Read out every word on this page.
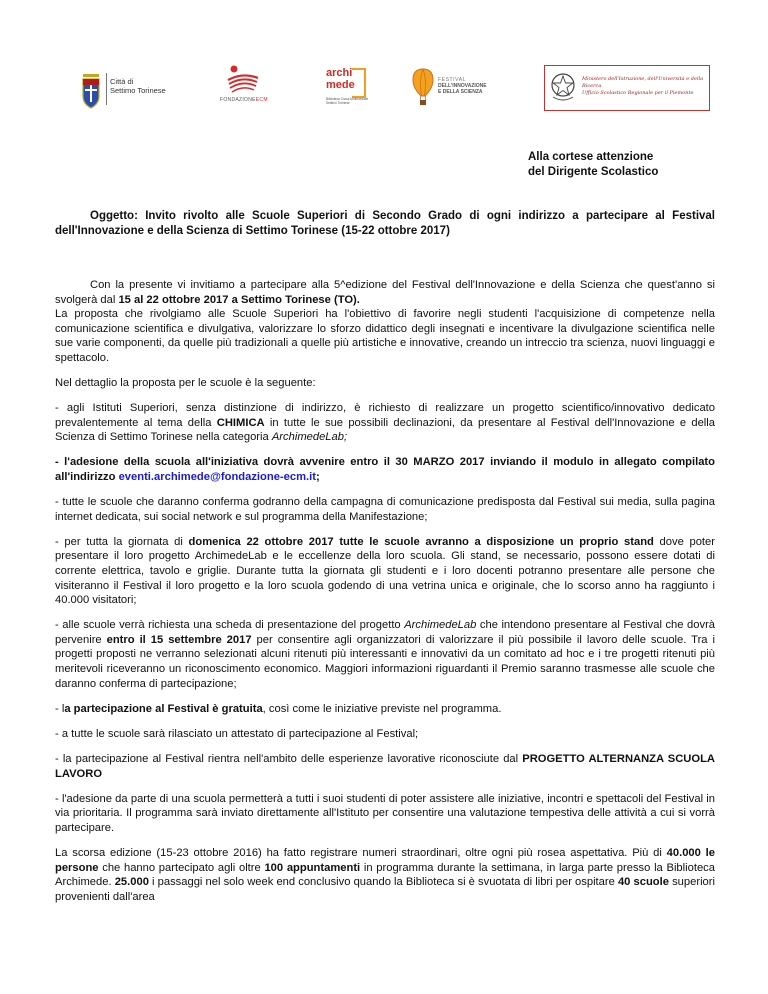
Città di
Settimo Torinese
FONDAZIONEECM
archi
mede
Biblioteca Civica Multimediale Settimo Torinese
FESTIVAL
DELL'INNOVAZIONE
E DELLA SCIENZA
Ministero dell'Istruzione, dell'Università e della Ricerca
Ufficio Scolastico Regionale per il Piemonte
Alla cortese attenzione
del Dirigente Scolastico

Oggetto: Invito rivolto alle Scuole Superiori di Secondo Grado di ogni indirizzo a partecipare al Festival dell'Innovazione e della Scienza di Settimo Torinese (15-22 ottobre 2017)

Con la presente vi invitiamo a partecipare alla 5^edizione del Festival dell'Innovazione e della Scienza che quest'anno si svolgerà dal 15 al 22 ottobre 2017 a Settimo Torinese (TO).

La proposta che rivolgiamo alle Scuole Superiori ha l'obiettivo di favorire negli studenti l'acquisizione di competenze nella comunicazione scientifica e divulgativa, valorizzare lo sforzo didattico degli insegnati e incentivare la divulgazione scientifica nelle sue varie componenti, da quelle più tradizionali a quelle più artistiche e innovative, creando un intreccio tra scienza, nuovi linguaggi e spettacolo.

Nel dettaglio la proposta per le scuole è la seguente:

- agli Istituti Superiori, senza distinzione di indirizzo, è richiesto di realizzare un progetto scientifico/innovativo dedicato prevalentemente al tema della CHIMICA in tutte le sue possibili declinazioni, da presentare al Festival dell'Innovazione e della Scienza di Settimo Torinese nella categoria ArchimedeLab;

- l'adesione della scuola all'iniziativa dovrà avvenire entro il 30 MARZO 2017 inviando il modulo in allegato compilato all'indirizzo eventi.archimede@fondazione-ecm.it;

- tutte le scuole che daranno conferma godranno della campagna di comunicazione predisposta dal Festival sui media, sulla pagina internet dedicata, sui social network e sul programma della Manifestazione;

- per tutta la giornata di domenica 22 ottobre 2017 tutte le scuole avranno a disposizione un proprio stand dove poter presentare il loro progetto ArchimedeLab e le eccellenze della loro scuola. Gli stand, se necessario, possono essere dotati di corrente elettrica, tavolo e griglie. Durante tutta la giornata gli studenti e i loro docenti potranno presentare alle persone che visiteranno il Festival il loro progetto e la loro scuola godendo di una vetrina unica e originale, che lo scorso anno ha raggiunto i 40.000 visitatori;

- alle scuole verrà richiesta una scheda di presentazione del progetto ArchimedeLab che intendono presentare al Festival che dovrà pervenire entro il 15 settembre 2017 per consentire agli organizzatori di valorizzare il più possibile il lavoro delle scuole. Tra i progetti proposti ne verranno selezionati alcuni ritenuti più interessanti e innovativi da un comitato ad hoc e i tre progetti ritenuti più meritevoli riceveranno un riconoscimento economico. Maggiori informazioni riguardanti il Premio saranno trasmesse alle scuole che daranno conferma di partecipazione;

- la partecipazione al Festival è gratuita, così come le iniziative previste nel programma.

- a tutte le scuole sarà rilasciato un attestato di partecipazione al Festival;

- la partecipazione al Festival rientra nell'ambito delle esperienze lavorative riconosciute dal PROGETTO ALTERNANZA SCUOLA LAVORO

- l'adesione da parte di una scuola permetterà a tutti i suoi studenti di poter assistere alle iniziative, incontri e spettacoli del Festival in via prioritaria. Il programma sarà inviato direttamente all'Istituto per consentire una valutazione tempestiva delle attività a cui si vorrà partecipare.

La scorsa edizione (15-23 ottobre 2016) ha fatto registrare numeri straordinari, oltre ogni più rosea aspettativa. Più di 40.000 le persone che hanno partecipato agli oltre 100 appuntamenti in programma durante la settimana, in larga parte presso la Biblioteca Archimede. 25.000 i passaggi nel solo week end conclusivo quando la Biblioteca si è svuotata di libri per ospitare 40 scuole superiori provenienti dall'area
